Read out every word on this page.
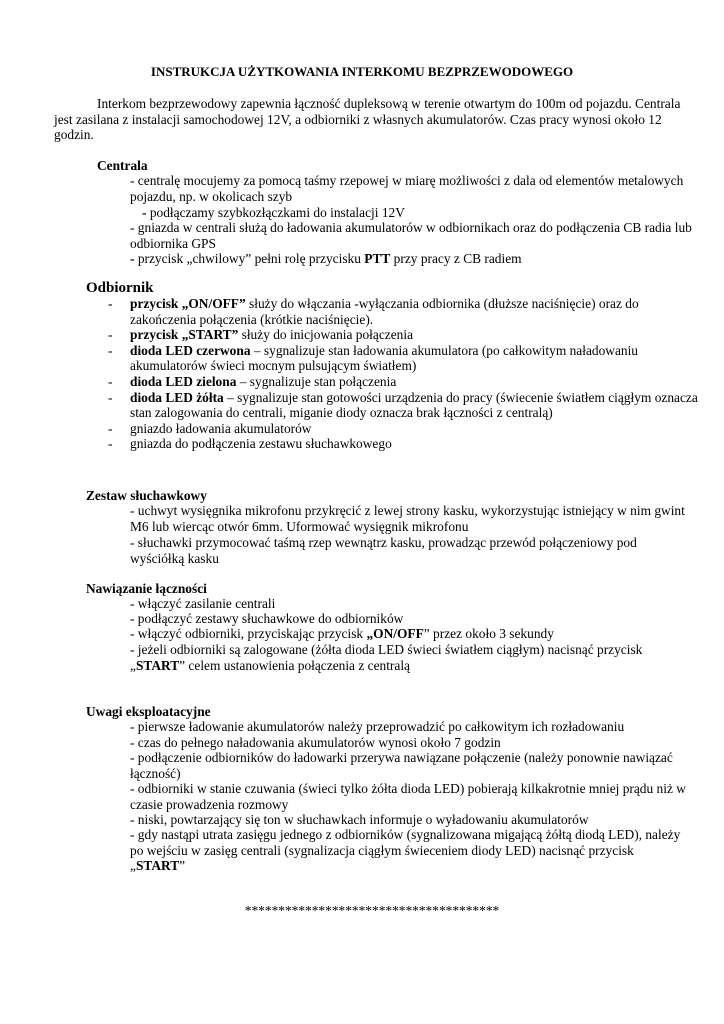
INSTRUKCJA UŻYTKOWANIA INTERKOMU BEZPRZEWODOWEGO

Interkom bezprzewodowy zapewnia łączność dupleksową w terenie otwartym do 100m od pojazdu. Centrala jest zasilana z instalacji samochodowej 12V, a odbiorniki z własnych akumulatorów. Czas pracy wynosi około 12 godzin.

Centrala
- centralę mocujemy za pomocą taśmy rzepowej w miarę możliwości z dala od elementów metalowych pojazdu, np. w okolicach szyb
- podłączamy szybkozłączkami do instalacji 12V
- gniazda w centrali służą do ładowania akumulatorów w odbiornikach oraz do podłączenia CB radia lub odbiornika GPS
- przycisk „chwilowy” pełni rolę przycisku PTT przy pracy z CB radiem
Odbiornik
-	przycisk „ON/OFF” służy do włączania -wyłączania odbiornika (dłuższe naciśnięcie) oraz do zakończenia połączenia (krótkie naciśnięcie).
-	przycisk „START” służy do inicjowania połączenia
-	dioda LED czerwona – sygnalizuje stan ładowania akumulatora (po całkowitym naładowaniu akumulatorów świeci mocnym pulsującym światłem)
-	dioda LED zielona – sygnalizuje stan połączenia
-	dioda LED żółta – sygnalizuje stan gotowości urządzenia do pracy (świecenie światłem ciągłym oznacza stan zalogowania do centrali, miganie diody oznacza brak łączności z centralą)
-	gniazdo ładowania akumulatorów
-	gniazda do podłączenia zestawu słuchawkowego
Zestaw słuchawkowy
- uchwyt wysięgnika mikrofonu przykręcić z lewej strony kasku, wykorzystując istniejący w nim gwint M6 lub wiercąc otwór 6mm. Uformować wysięgnik mikrofonu
- słuchawki przymocować taśmą rzep wewnątrz kasku, prowadząc przewód połączeniowy pod wyściółką kasku
Nawiązanie łączności
- włączyć zasilanie centrali
- podłączyć zestawy słuchawkowe do odbiorników
- włączyć odbiorniki, przyciskając przycisk „ON/OFF” przez około 3 sekundy
- jeżeli odbiorniki są zalogowane (żółta dioda LED świeci światłem ciągłym) nacisnąć przycisk „START” celem ustanowienia połączenia z centralą
Uwagi eksploatacyjne
- pierwsze ładowanie akumulatorów należy przeprowadzić po całkowitym ich rozładowaniu
- czas do pełnego naładowania akumulatorów wynosi około 7 godzin
- podłączenie odbiorników do ładowarki przerywa nawiązane połączenie (należy ponownie nawiązać łączność)
- odbiorniki w stanie czuwania (świeci tylko żółta dioda LED) pobierają kilkakrotnie mniej prądu niż w czasie prowadzenia rozmowy
- niski, powtarzający się ton w słuchawkach informuje o wyładowaniu akumulatorów
- gdy nastąpi utrata zasięgu jednego z odbiorników (sygnalizowana migającą żółtą diodą LED), należy po wejściu w zasięg centrali (sygnalizacja ciągłym świeceniem diody LED) nacisnąć przycisk „START”
**************************************
